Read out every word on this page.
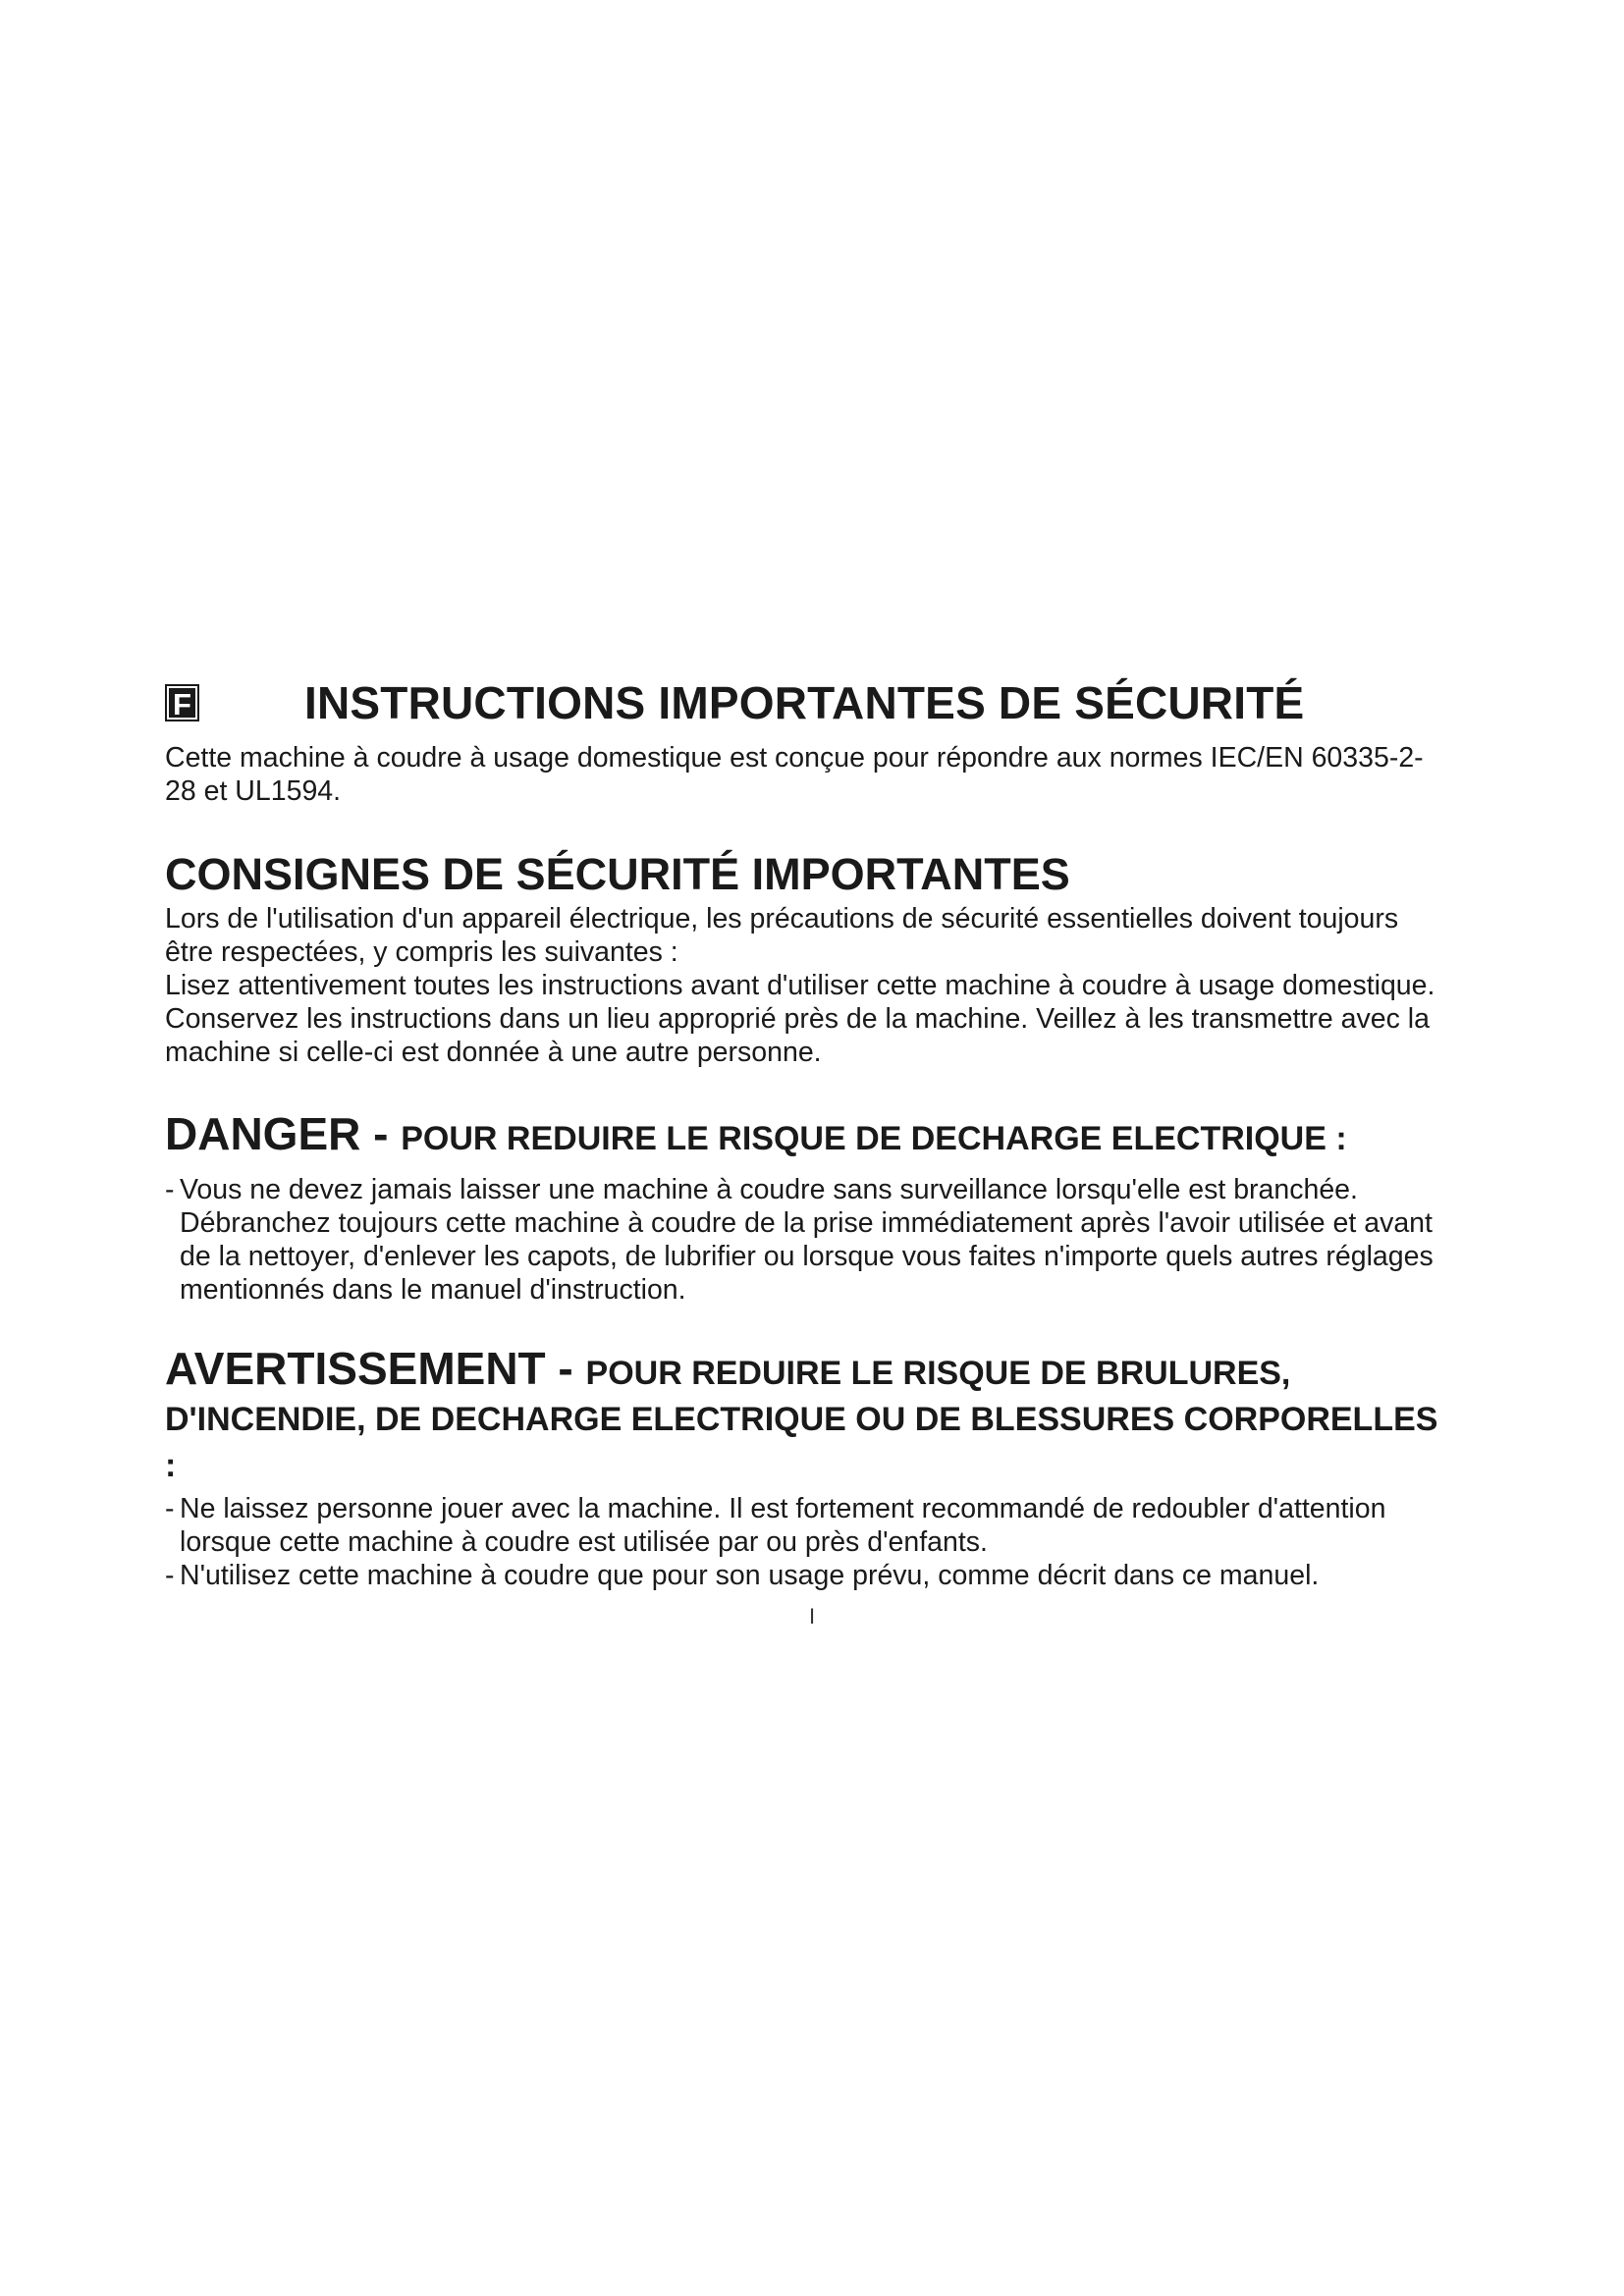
F	INSTRUCTIONS IMPORTANTES DE SÉCURITÉ

Cette machine à coudre à usage domestique est conçue pour répondre aux normes IEC/EN 60335-2-28 et UL1594.

CONSIGNES DE SÉCURITÉ IMPORTANTES

Lors de l'utilisation d'un appareil électrique, les précautions de sécurité essentielles doivent toujours être respectées, y compris les suivantes :

Lisez attentivement toutes les instructions avant d'utiliser cette machine à coudre à usage domestique. Conservez les instructions dans un lieu approprié près de la machine. Veillez à les transmettre avec la machine si celle-ci est donnée à une autre personne.

DANGER - POUR REDUIRE LE RISQUE DE DECHARGE ELECTRIQUE :

- Vous ne devez jamais laisser une machine à coudre sans surveillance lorsqu'elle est branchée. Débranchez toujours cette machine à coudre de la prise immédiatement après l'avoir utilisée et avant de la nettoyer, d'enlever les capots, de lubrifier ou lorsque vous faites n'importe quels autres réglages mentionnés dans le manuel d'instruction.

AVERTISSEMENT - POUR REDUIRE LE RISQUE DE BRULURES, D'INCENDIE, DE DECHARGE ELECTRIQUE OU DE BLESSURES CORPORELLES :

- Ne laissez personne jouer avec la machine. Il est fortement recommandé de redoubler d'attention lorsque cette machine à coudre est utilisée par ou près d'enfants.

- N'utilisez cette machine à coudre que pour son usage prévu, comme décrit dans ce manuel.

I
